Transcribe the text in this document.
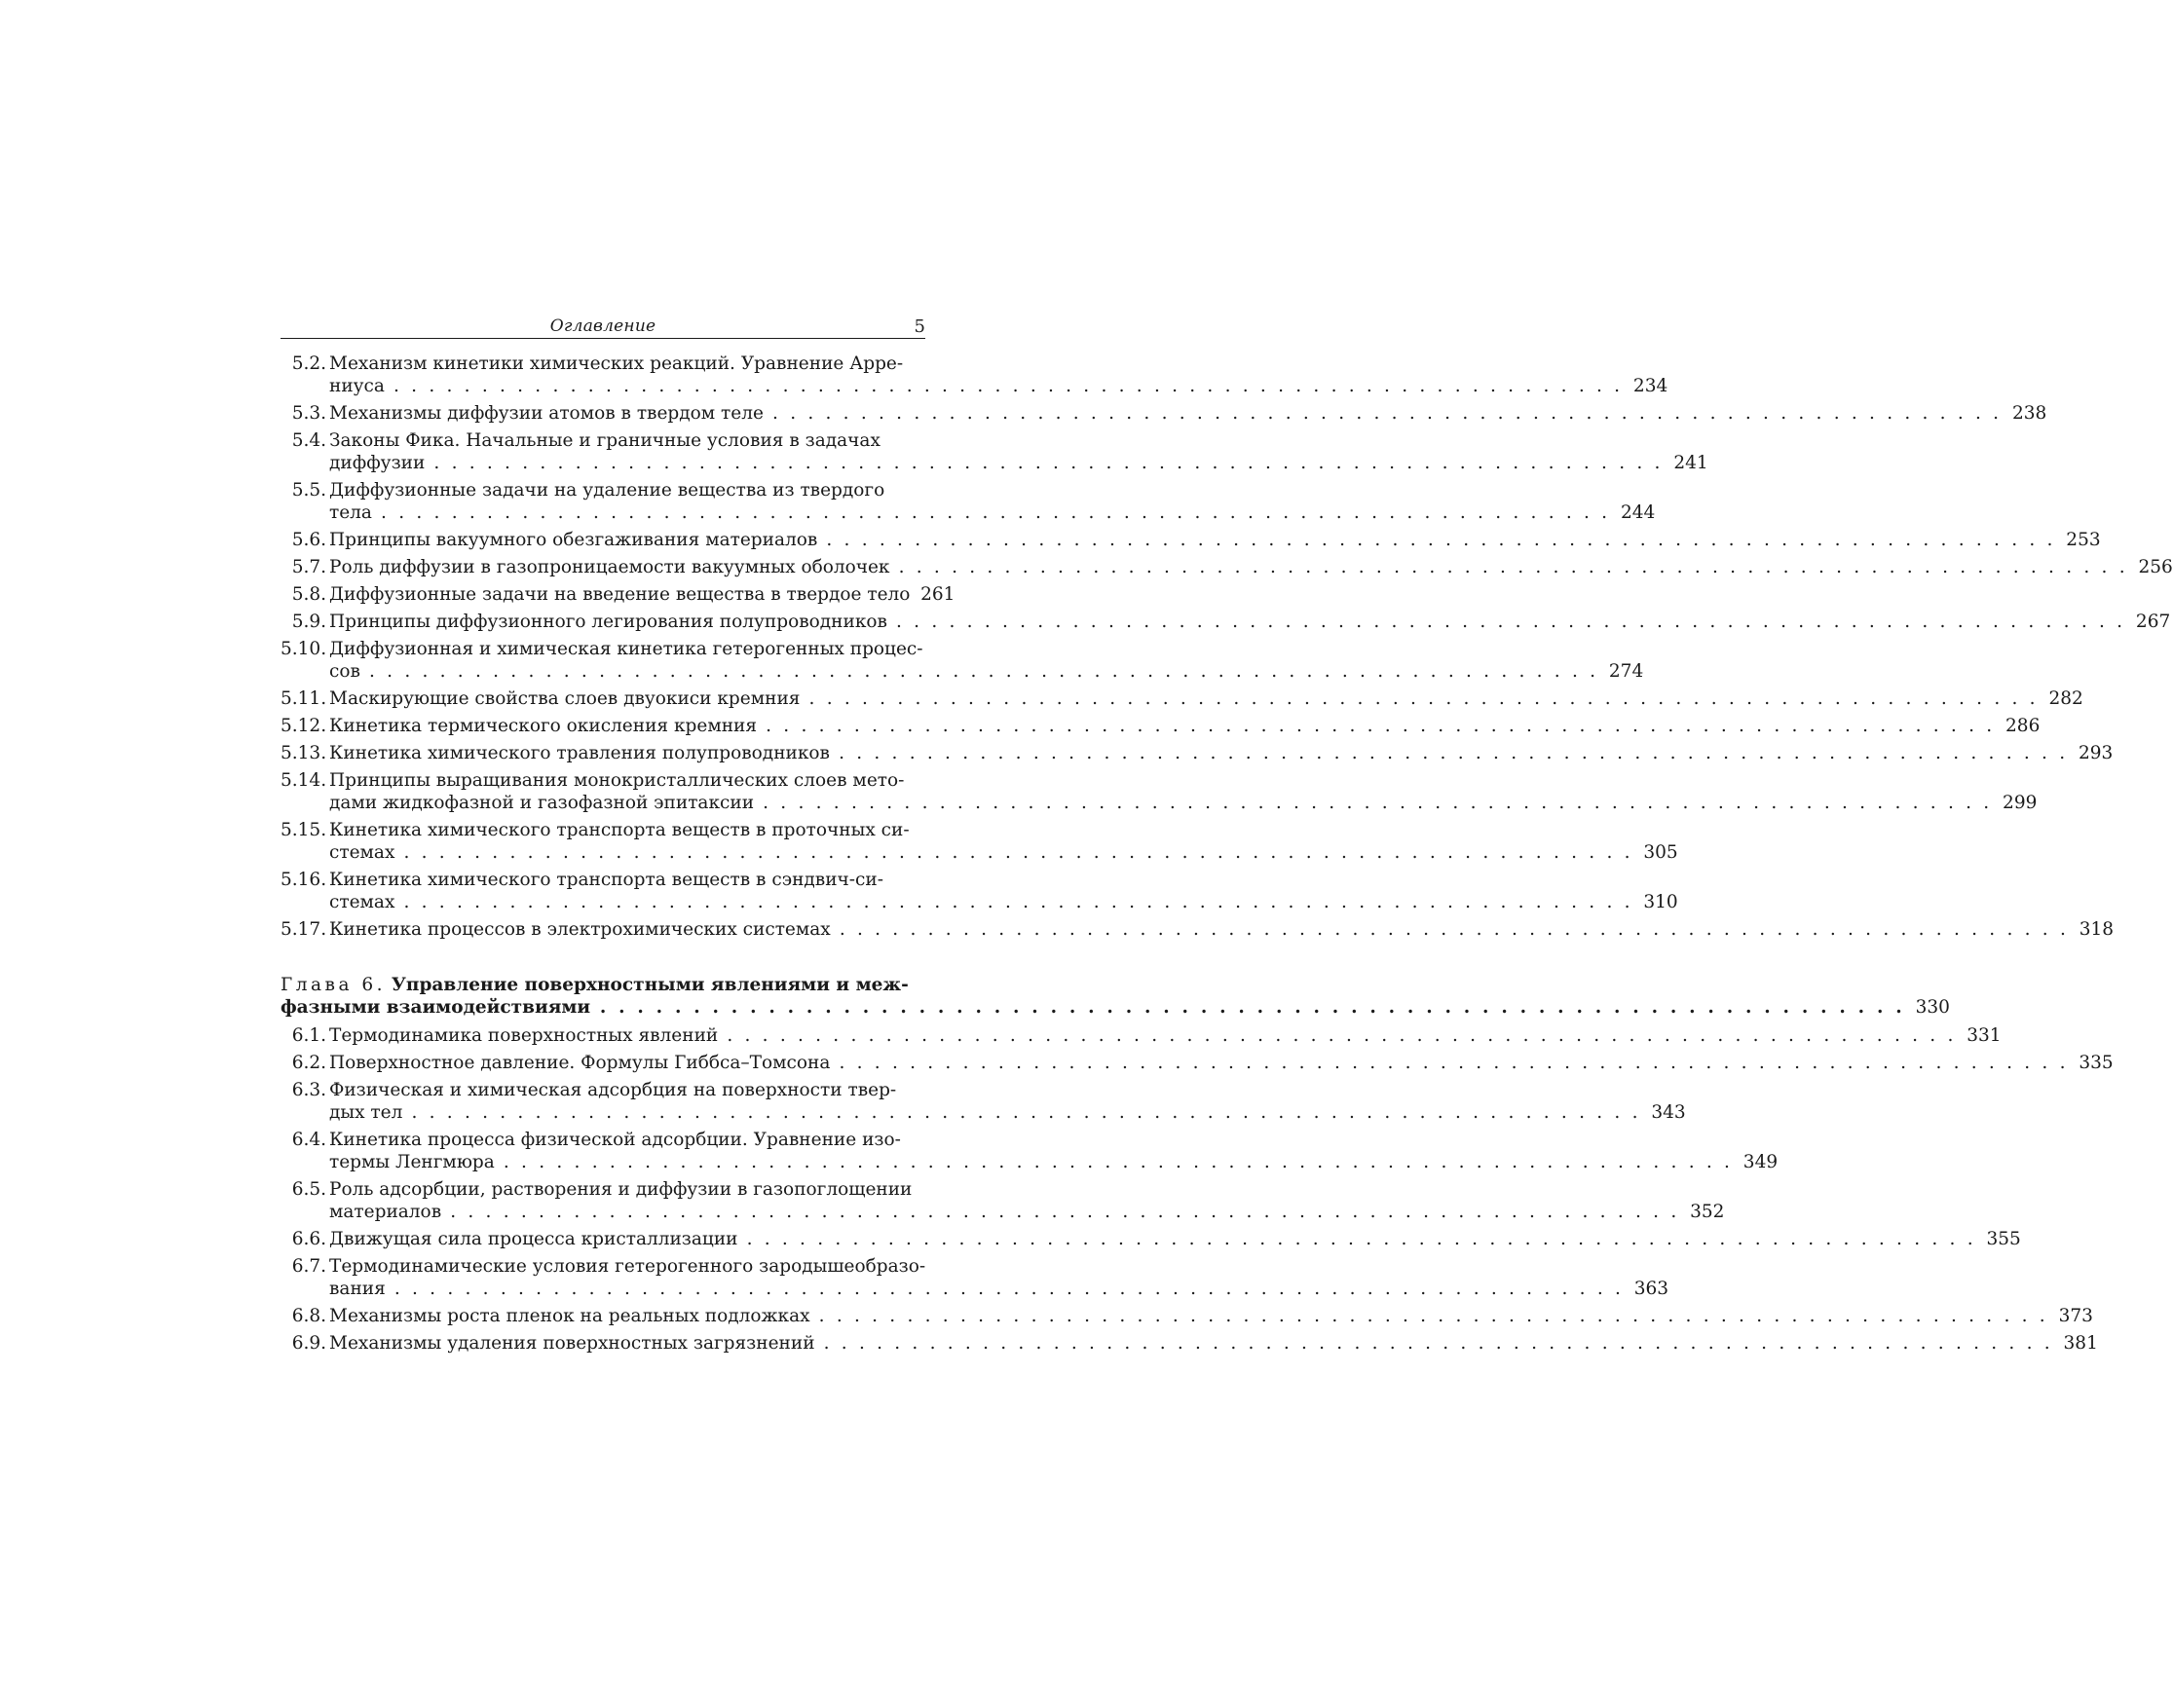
Оглавление	5
5.2. Механизм кинетики химических реакций. Уравнение Арре-
ниуса . . .	234
5.3. Механизмы диффузии атомов в твердом теле . . .	238
5.4. Законы Фика. Начальные и граничные условия в задачах
диффузии . . .	241
5.5. Диффузионные задачи на удаление вещества из твердого
тела . . .	244
5.6. Принципы вакуумного обезгаживания материалов . . .	253
5.7. Роль диффузии в газопроницаемости вакуумных оболочек . . .	256
5.8. Диффузионные задачи на введение вещества в твердое тело 261
5.9. Принципы диффузионного легирования полупроводников . . .	267
5.10. Диффузионная и химическая кинетика гетерогенных процес-
сов . . .	274
5.11. Маскирующие свойства слоев двуокиси кремния . . .	282
5.12. Кинетика термического окисления кремния . . .	286
5.13. Кинетика химического травления полупроводников . . .	293
5.14. Принципы выращивания монокристаллических слоев мето-
дами жидкофазной и газофазной эпитаксии . . .	299
5.15. Кинетика химического транспорта веществ в проточных си-
стемах . . .	305
5.16. Кинетика химического транспорта веществ в сэндвич-си-
стемах . . .	310
5.17. Кинетика процессов в электрохимических системах . . .	318
Глава 6. Управление поверхностными явлениями и меж-
фазными взаимодействиями . . .	330
6.1. Термодинамика поверхностных явлений . . .	331
6.2. Поверхностное давление. Формулы Гиббса–Томсона . . .	335
6.3. Физическая и химическая адсорбция на поверхности твер-
дых тел . . .	343
6.4. Кинетика процесса физической адсорбции. Уравнение изо-
термы Ленгмюра . . .	349
6.5. Роль адсорбции, растворения и диффузии в газопоглощении
материалов . . .	352
6.6. Движущая сила процесса кристаллизации . . .	355
6.7. Термодинамические условия гетерогенного зародышеобразо-
вания . . .	363
6.8. Механизмы роста пленок на реальных подложках . . .	373
6.9. Механизмы удаления поверхностных загрязнений . . .	381
